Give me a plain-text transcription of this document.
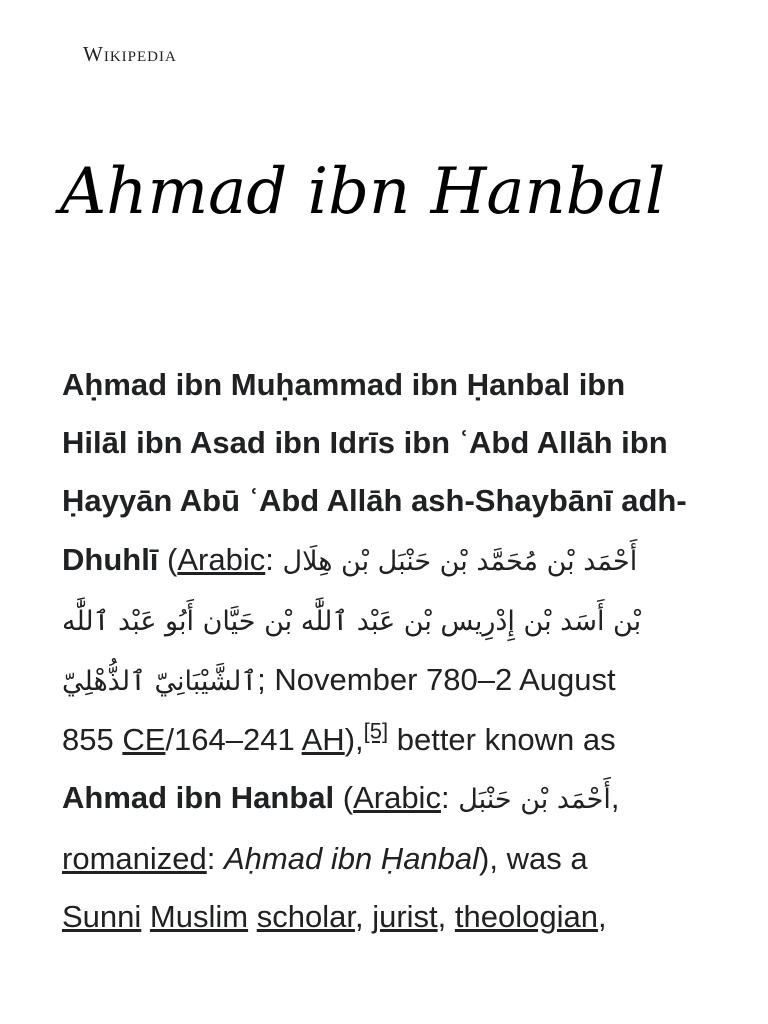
Wikipedia
Ahmad ibn Hanbal

Aḥmad ibn Muḥammad ibn Ḥanbal ibn
Hilāl ibn Asad ibn Idrīs ibn ʿAbd Allāh ibn
Ḥayyān Abū ʿAbd Allāh ash-Shaybānī adh-
Dhuhlī (Arabic: أَحْمَد بْن مُحَمَّد بْن حَنْبَل بْن هِلَال
بْن أَسَد بْن إِدْرِيس بْن عَبْد ٱللَّٰه بْن حَيَّان أَبُو عَبْد ٱللَّٰه
ٱلشَّيْبَانِيّ ٱلذُّهْلِيّ; November 780–2 August
855 CE/164–241 AH),[5] better known as
Ahmad ibn Hanbal (Arabic: أَحْمَد بْن حَنْبَل,
romanized: Aḥmad ibn Ḥanbal), was a
Sunni Muslim scholar, jurist, theologian,
